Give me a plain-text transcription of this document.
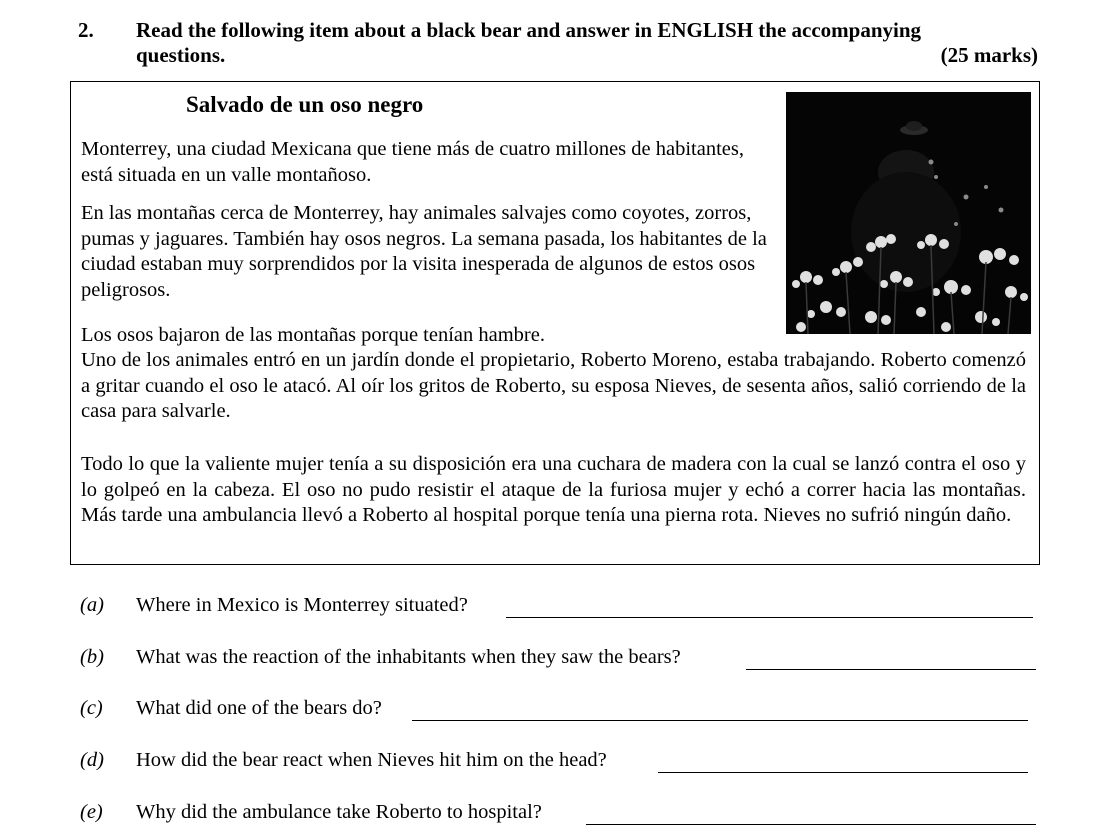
2. Read the following item about a black bear and answer in ENGLISH the accompanying
questions.	(25 marks)
Salvado de un oso negro

Monterrey, una ciudad Mexicana que tiene más de cuatro millones de habitantes, está situada en un valle montañoso.

En las montañas cerca de Monterrey, hay animales salvajes como coyotes, zorros, pumas y jaguares. También hay osos negros. La semana pasada, los habitantes de la ciudad estaban muy sorprendidos por la visita inesperada de algunos de estos osos peligrosos.

Los osos bajaron de las montañas porque tenían hambre.

Uno de los animales entró en un jardín donde el propietario, Roberto Moreno, estaba trabajando. Roberto comenzó a gritar cuando el oso le atacó. Al oír los gritos de Roberto, su esposa Nieves, de sesenta años, salió corriendo de la casa para salvarle.

Todo lo que la valiente mujer tenía a su disposición era una cuchara de madera con la cual se lanzó contra el oso y lo golpeó en la cabeza. El oso no pudo resistir el ataque de la furiosa mujer y echó a correr hacia las montañas. Más tarde una ambulancia llevó a Roberto al hospital porque tenía una pierna rota. Nieves no sufrió ningún daño.

(a) Where in Mexico is Monterrey situated?
(b) What was the reaction of the inhabitants when they saw the bears?
(c) What did one of the bears do?
(d) How did the bear react when Nieves hit him on the head?
(e) Why did the ambulance take Roberto to hospital?
